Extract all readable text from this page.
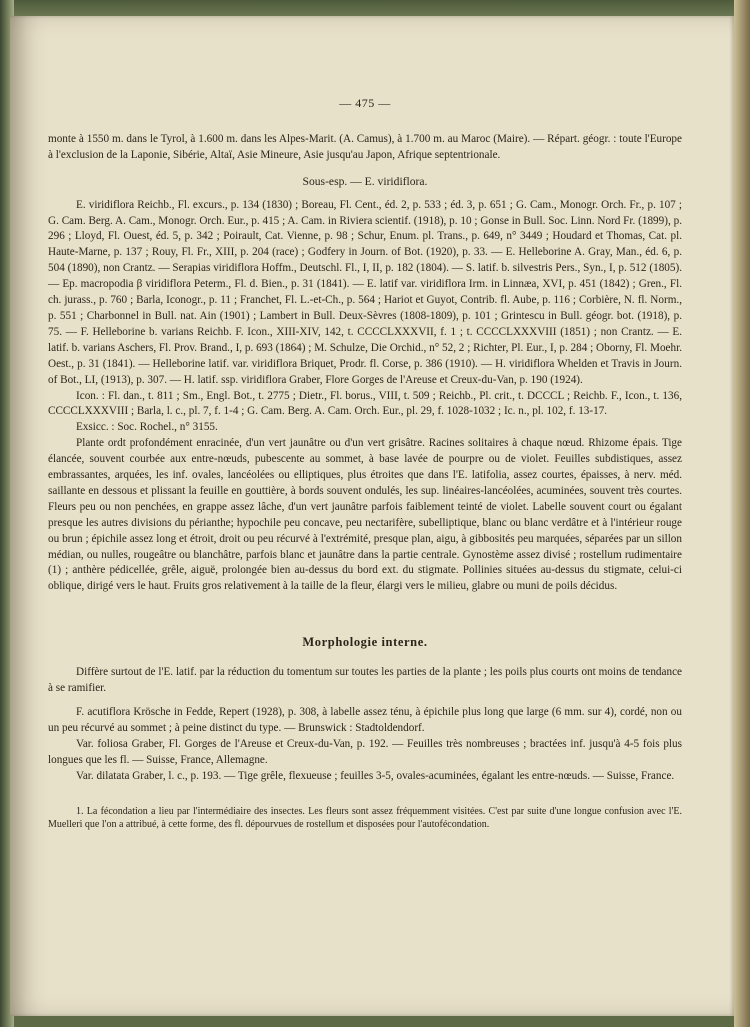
— 475 —

monte à 1550 m. dans le Tyrol, à 1.600 m. dans les Alpes-Marit. (A. Camus), à 1.700 m. au Maroc (Maire). — Répart. géogr. : toute l'Europe à l'exclusion de la Laponie, Sibérie, Altaï, Asie Mineure, Asie jusqu'au Japon, Afrique septentrionale.

Sous-esp. — E. viridiflora.

E. viridiflora Reichb., Fl. excurs., p. 134 (1830) ; Boreau, Fl. Cent., éd. 2, p. 533 ; éd. 3, p. 651 ; G. Cam., Monogr. Orch. Fr., p. 107 ; G. Cam. Berg. A. Cam., Monogr. Orch. Eur., p. 415 ; A. Cam. in Riviera scientif. (1918), p. 10 ; Gonse in Bull. Soc. Linn. Nord Fr. (1899), p. 296 ; Lloyd, Fl. Ouest, éd. 5, p. 342 ; Poirault, Cat. Vienne, p. 98 ; Schur, Enum. pl. Trans., p. 649, n° 3449 ; Houdard et Thomas, Cat. pl. Haute-Marne, p. 137 ; Rouy, Fl. Fr., XIII, p. 204 (race) ; Godfery in Journ. of Bot. (1920), p. 33. — E. Helleborine A. Gray, Man., éd. 6, p. 504 (1890), non Crantz. — Serapias viridiflora Hoffm., Deutschl. Fl., I, II, p. 182 (1804). — S. latif. b. silvestris Pers., Syn., I, p. 512 (1805). — Ep. macropodia β viridiflora Peterm., Fl. d. Bien., p. 31 (1841). — E. latif var. viridiflora Irm. in Linnæa, XVI, p. 451 (1842) ; Gren., Fl. ch. jurass., p. 760 ; Barla, Iconogr., p. 11 ; Franchet, Fl. L.-et-Ch., p. 564 ; Hariot et Guyot, Contrib. fl. Aube, p. 116 ; Corbière, N. fl. Norm., p. 551 ; Charbonnel in Bull. nat. Ain (1901) ; Lambert in Bull. Deux-Sèvres (1808-1809), p. 101 ; Grintescu in Bull. géogr. bot. (1918), p. 75. — F. Helleborine b. varians Reichb. F. Icon., XIII-XIV, 142, t. CCCCLXXXVII, f. 1 ; t. CCCCLXXXVIII (1851) ; non Crantz. — E. latif. b. varians Aschers, Fl. Prov. Brand., I, p. 693 (1864) ; M. Schulze, Die Orchid., n° 52, 2 ; Richter, Pl. Eur., I, p. 284 ; Oborny, Fl. Moehr. Oest., p. 31 (1841). — Helleborine latif. var. viridiflora Briquet, Prodr. fl. Corse, p. 386 (1910). — H. viridiflora Whelden et Travis in Journ. of Bot., LI, (1913), p. 307. — H. latif. ssp. viridiflora Graber, Flore Gorges de l'Areuse et Creux-du-Van, p. 190 (1924).

Icon. : Fl. dan., t. 811 ; Sm., Engl. Bot., t. 2775 ; Dietr., Fl. borus., VIII, t. 509 ; Reichb., Pl. crit., t. DCCCL ; Reichb. F., Icon., t. 136, CCCCLXXXVIII ; Barla, l. c., pl. 7, f. 1-4 ; G. Cam. Berg. A. Cam. Orch. Eur., pl. 29, f. 1028-1032 ; Ic. n., pl. 102, f. 13-17.

Exsicc. : Soc. Rochel., n° 3155.

Plante ordt profondément enracinée, d'un vert jaunâtre ou d'un vert grisâtre. Racines solitaires à chaque nœud. Rhizome épais. Tige élancée, souvent courbée aux entre-nœuds, pubescente au sommet, à base lavée de pourpre ou de violet. Feuilles subdistiques, assez embrassantes, arquées, les inf. ovales, lancéolées ou elliptiques, plus étroites que dans l'E. latifolia, assez courtes, épaisses, à nerv. méd. saillante en dessous et plissant la feuille en gouttière, à bords souvent ondulés, les sup. linéaires-lancéolées, acuminées, souvent très courtes. Fleurs peu ou non penchées, en grappe assez lâche, d'un vert jaunâtre parfois faiblement teinté de violet. Labelle souvent court ou égalant presque les autres divisions du périanthe; hypochile peu concave, peu nectarifère, subelliptique, blanc ou blanc verdâtre et à l'intérieur rouge ou brun ; épichile assez long et étroit, droit ou peu récurvé à l'extrémité, presque plan, aigu, à gibbosités peu marquées, séparées par un sillon médian, ou nulles, rougeâtre ou blanchâtre, parfois blanc et jaunâtre dans la partie centrale. Gynostème assez divisé ; rostellum rudimentaire (1) ; anthère pédicellée, grêle, aiguë, prolongée bien au-dessus du bord ext. du stigmate. Pollinies situées au-dessus du stigmate, celui-ci oblique, dirigé vers le haut. Fruits gros relativement à la taille de la fleur, élargi vers le milieu, glabre ou muni de poils décidus.

Morphologie interne.

Diffère surtout de l'E. latif. par la réduction du tomentum sur toutes les parties de la plante ; les poils plus courts ont moins de tendance à se ramifier.

F. acutiflora Krösche in Fedde, Repert (1928), p. 308, à labelle assez ténu, à épichile plus long que large (6 mm. sur 4), cordé, non ou un peu récurvé au sommet ; à peine distinct du type. — Brunswick : Stadtoldendorf.

Var. foliosa Graber, Fl. Gorges de l'Areuse et Creux-du-Van, p. 192. — Feuilles très nombreuses ; bractées inf. jusqu'à 4-5 fois plus longues que les fl. — Suisse, France, Allemagne.

Var. dilatata Graber, l. c., p. 193. — Tige grêle, flexueuse ; feuilles 3-5, ovales-acuminées, égalant les entre-nœuds. — Suisse, France.

1. La fécondation a lieu par l'intermédiaire des insectes. Les fleurs sont assez fréquemment visitées. C'est par suite d'une longue confusion avec l'E. Muelleri que l'on a attribué, à cette forme, des fl. dépourvues de rostellum et disposées pour l'autofécondation.
